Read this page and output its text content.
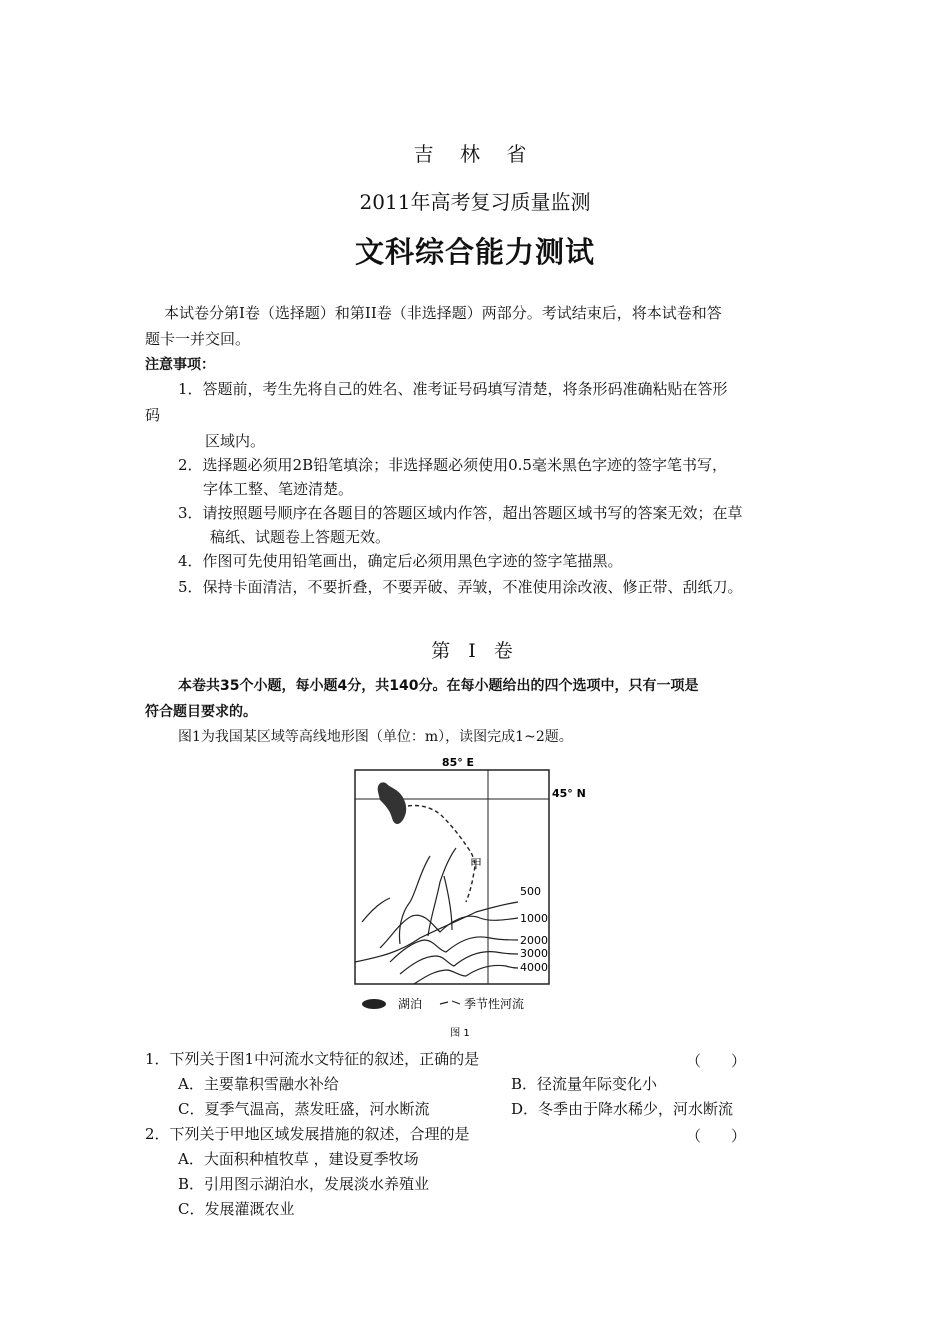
吉 林 省
2011年高考复习质量监测
文科综合能力测试
本试卷分第I卷（选择题）和第II卷（非选择题）两部分。考试结束后，将本试卷和答
题卡一并交回。
注意事项：
1．答题前，考生先将自己的姓名、准考证号码填写清楚，将条形码准确粘贴在答形
码
区域内。
2．选择题必须用2B铅笔填涂；非选择题必须使用0.5毫米黑色字迹的签字笔书写，
字体工整、笔迹清楚。
3．请按照题号顺序在各题目的答题区域内作答，超出答题区域书写的答案无效；在草
稿纸、试题卷上答题无效。
4．作图可先使用铅笔画出，确定后必须用黑色字迹的签字笔描黑。
5．保持卡面清洁，不要折叠，不要弄破、弄皱，不准使用涂改液、修正带、刮纸刀。
第 I 卷
本卷共35个小题，每小题4分，共140分。在每小题给出的四个选项中，只有一项是
符合题目要求的。
图1为我国某区域等高线地形图（单位：m），读图完成1~2题。
85° E
45° N
甲
500
1000
2000
3000
4000
湖泊	季节性河流
图 1
1．下列关于图1中河流水文特征的叙述，正确的是	（　　）
A．主要靠积雪融水补给	B．径流量年际变化小
C．夏季气温高，蒸发旺盛，河水断流	D．冬季由于降水稀少，河水断流
2．下列关于甲地区域发展措施的叙述，合理的是	（　　）
A．大面积种植牧草 ，建设夏季牧场
B．引用图示湖泊水，发展淡水养殖业
C．发展灌溉农业
